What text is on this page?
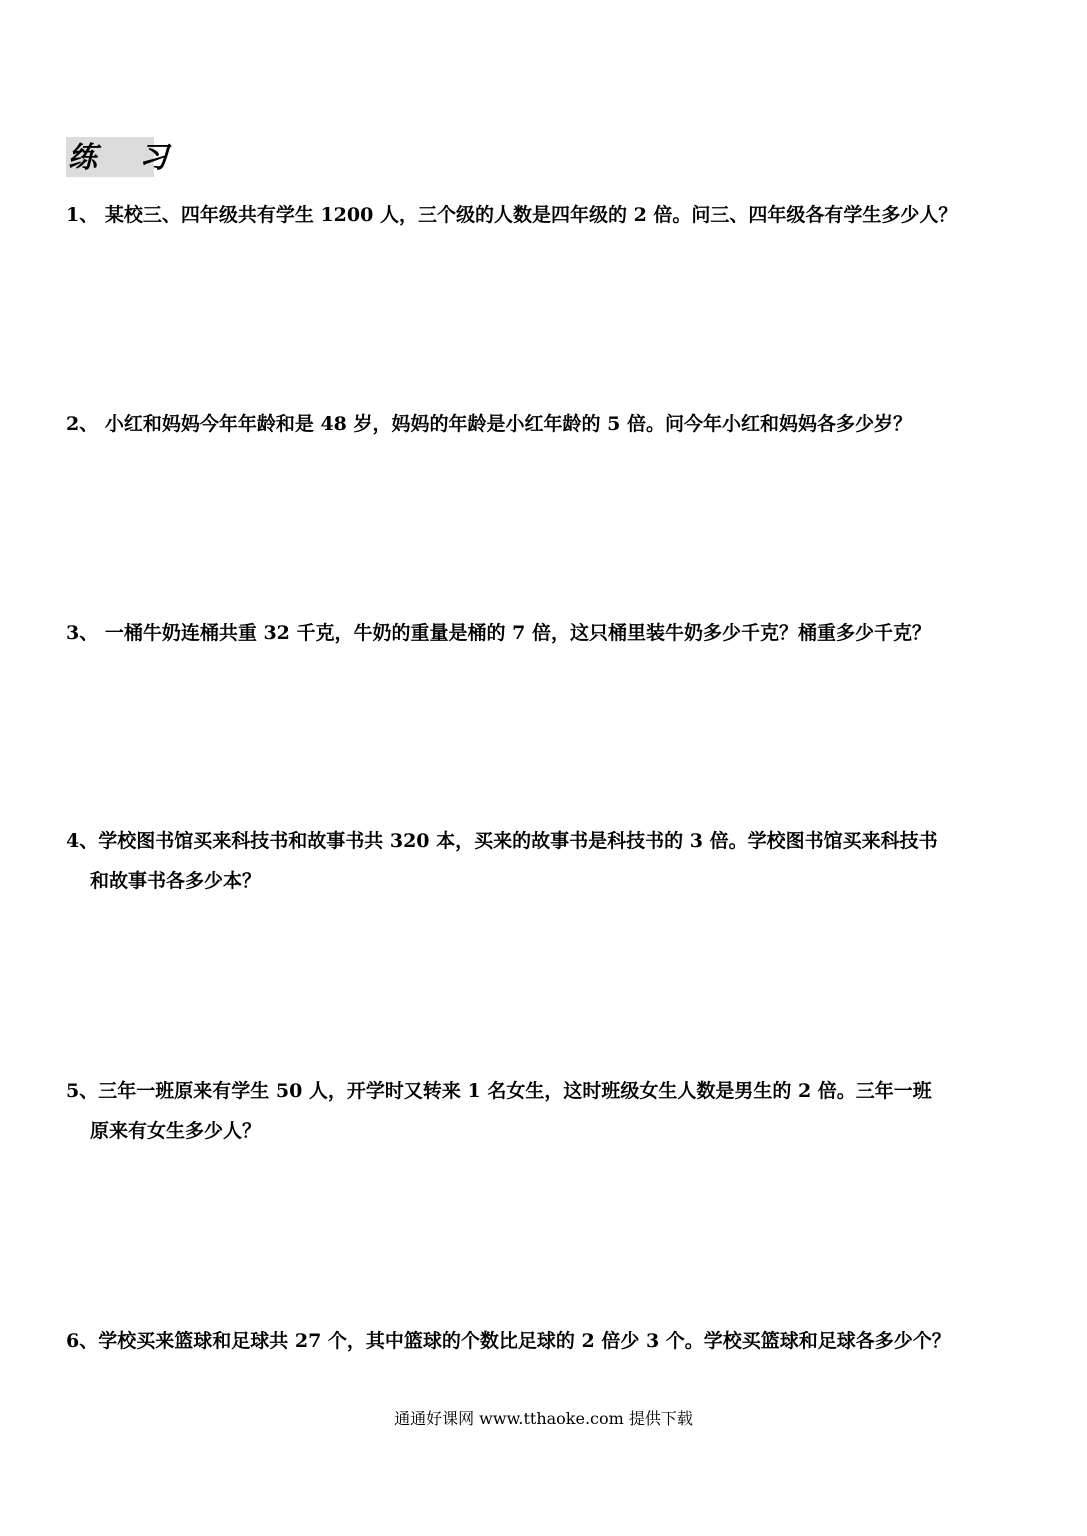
练 习
1、 某校三、四年级共有学生 1200 人，三个级的人数是四年级的 2 倍。问三、四年级各有学生多少人？
2、 小红和妈妈今年年龄和是 48 岁，妈妈的年龄是小红年龄的 5 倍。问今年小红和妈妈各多少岁？
3、 一桶牛奶连桶共重 32 千克，牛奶的重量是桶的 7 倍，这只桶里装牛奶多少千克？桶重多少千克？
4、学校图书馆买来科技书和故事书共 320 本，买来的故事书是科技书的 3 倍。学校图书馆买来科技书
和故事书各多少本？
5、三年一班原来有学生 50 人，开学时又转来 1 名女生，这时班级女生人数是男生的 2 倍。三年一班
原来有女生多少人？
6、学校买来篮球和足球共 27 个，其中篮球的个数比足球的 2 倍少 3 个。学校买篮球和足球各多少个？
通通好课网 www.tthaoke.com 提供下载
